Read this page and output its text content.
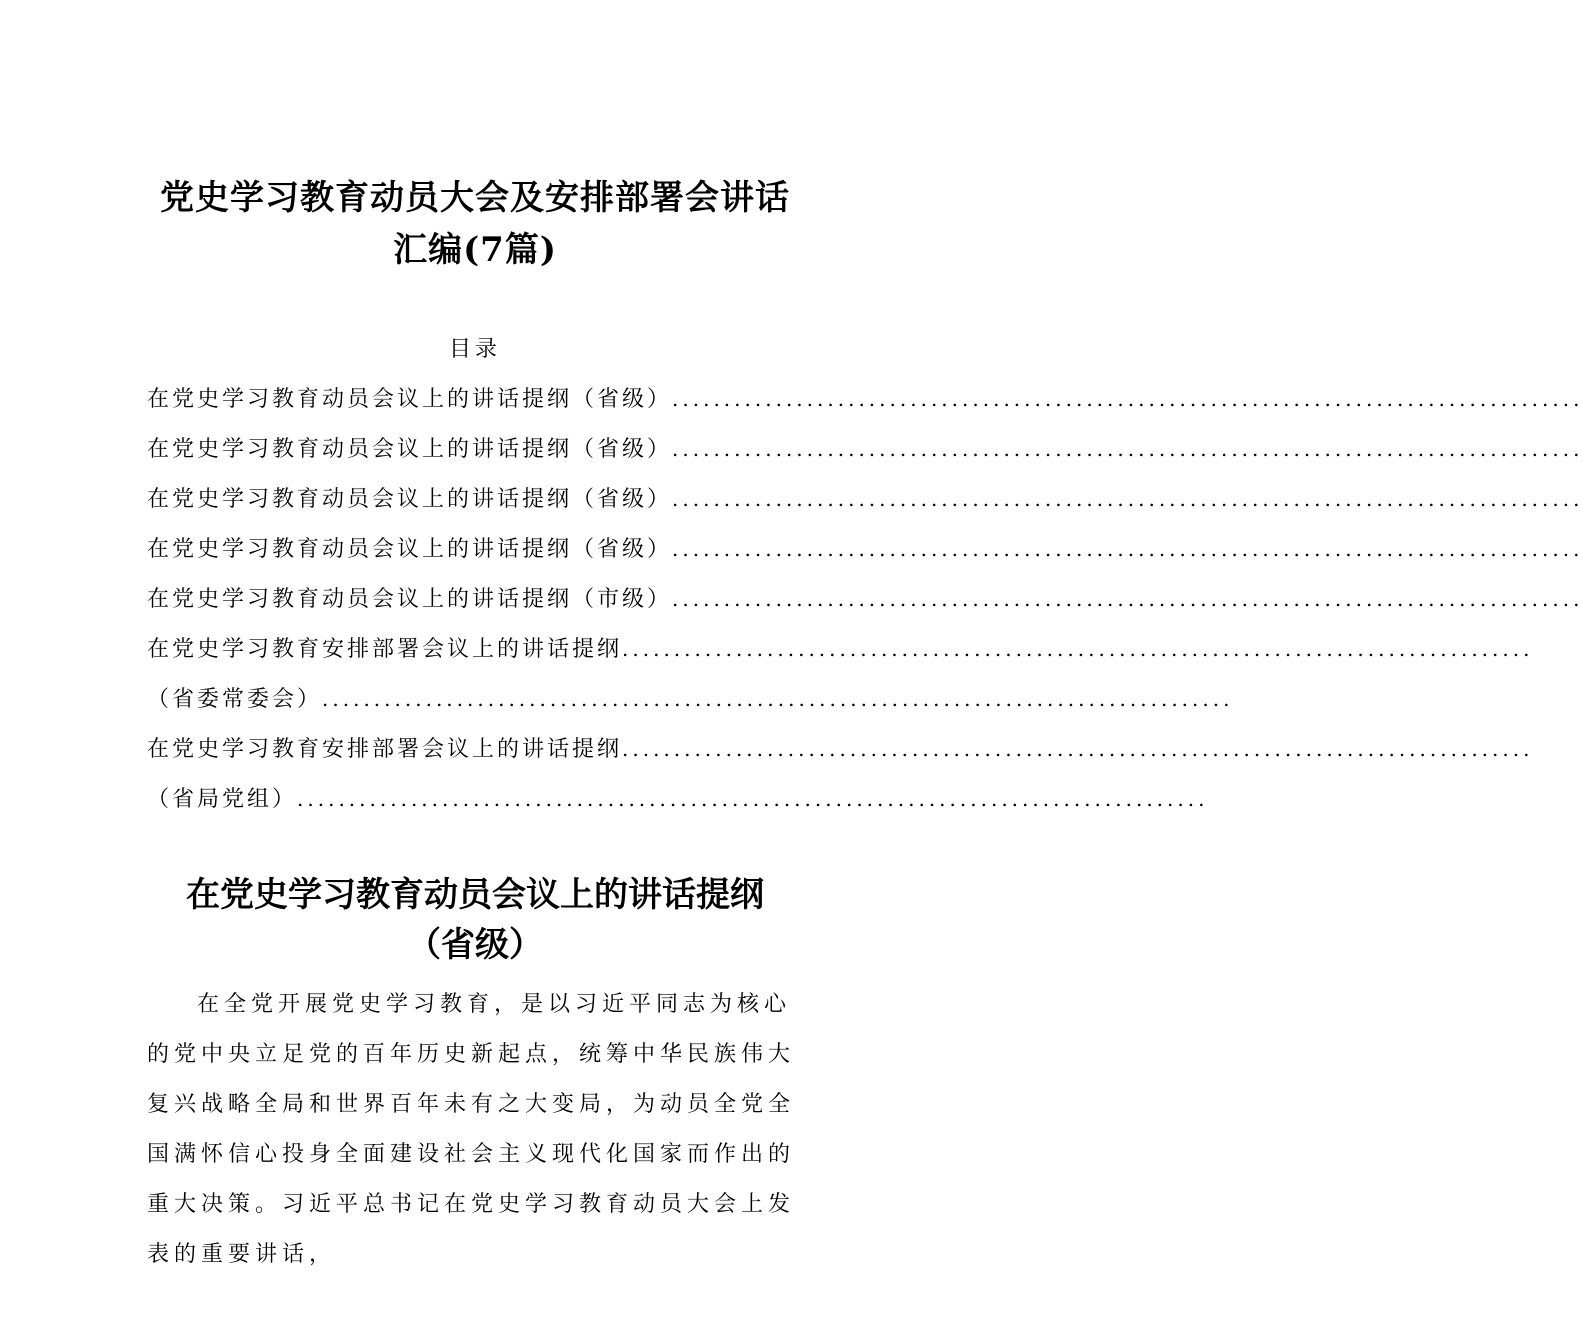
党史学习教育动员大会及安排部署会讲话
汇编(7篇)
目录
在党史学习教育动员会议上的讲话提纲（省级） ........................................................................................
在党史学习教育动员会议上的讲话提纲（省级） ........................................................................................
在党史学习教育动员会议上的讲话提纲（省级） ........................................................................................
在党史学习教育动员会议上的讲话提纲（省级） ........................................................................................
在党史学习教育动员会议上的讲话提纲（市级） ........................................................................................
在党史学习教育安排部署会议上的讲话提纲 ........................................................................................
（省委常委会） ........................................................................................
在党史学习教育安排部署会议上的讲话提纲 ........................................................................................
（省局党组） ........................................................................................
在党史学习教育动员会议上的讲话提纲
（省级）

在全党开展党史学习教育，是以习近平同志为核心的党中央立足党的百年历史新起点，统筹中华民族伟大复兴战略全局和世界百年未有之大变局，为动员全党全国满怀信心投身全面建设社会主义现代化国家而作出的重大决策。习近平总书记在党史学习教育动员大会上发表的重要讲话，
